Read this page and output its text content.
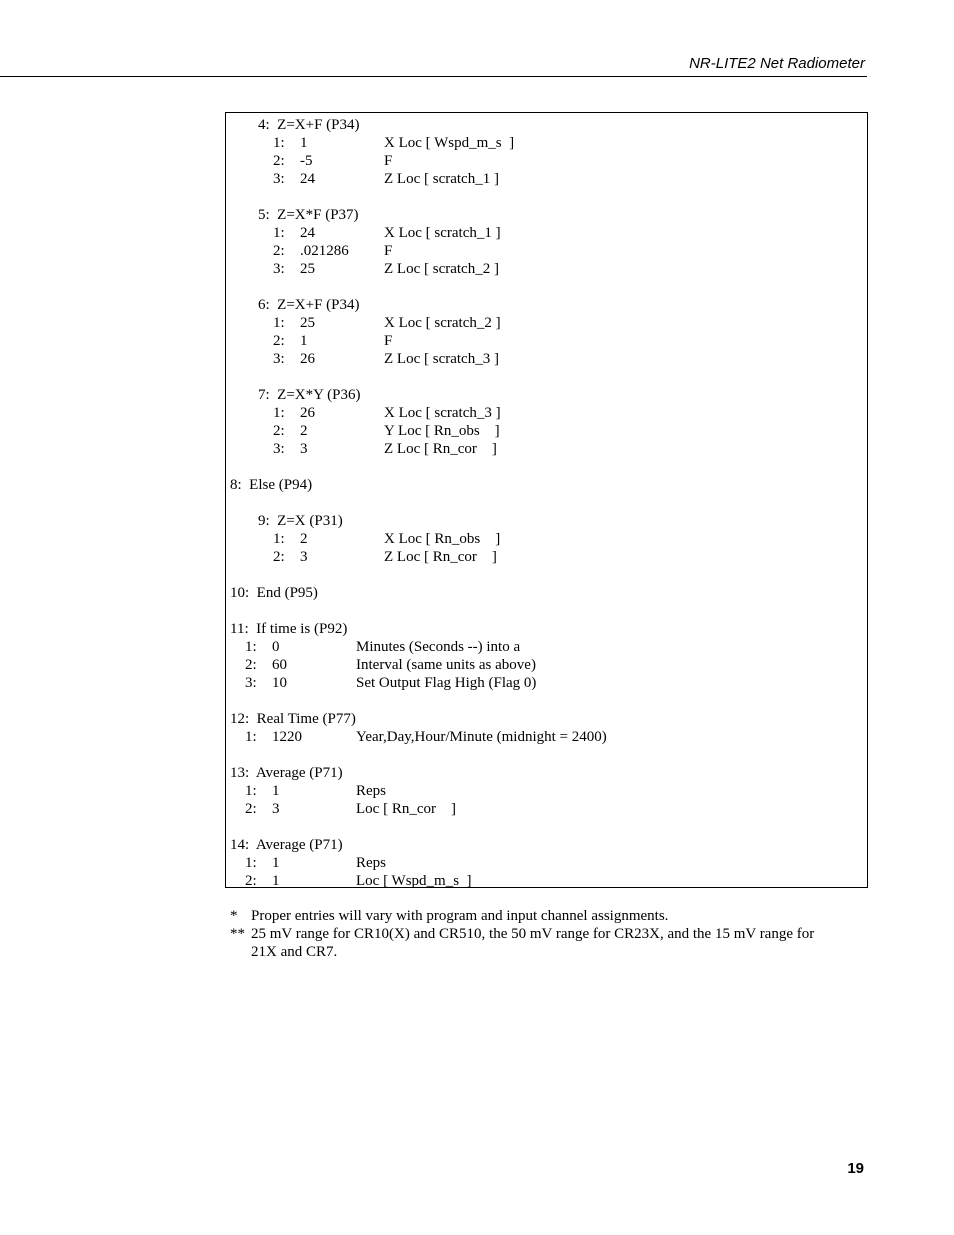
NR-LITE2 Net Radiometer
4:  Z=X+F (P34)
1: 1	X Loc [ Wspd_m_s  ]
2: -5	F
3: 24	Z Loc [ scratch_1 ]
5:  Z=X*F (P37)
1: 24	X Loc [ scratch_1 ]
2: .021286 F
3: 25	Z Loc [ scratch_2 ]
6:  Z=X+F (P34)
1: 25	X Loc [ scratch_2 ]
2: 1	F
3: 26	Z Loc [ scratch_3 ]
7:  Z=X*Y (P36)
1: 26	X Loc [ scratch_3 ]
2: 2	Y Loc [ Rn_obs    ]
3: 3	Z Loc [ Rn_cor    ]
8:  Else (P94)
9:  Z=X (P31)
1: 2	X Loc [ Rn_obs    ]
2: 3	Z Loc [ Rn_cor    ]
10:  End (P95)
11:  If time is (P92)
1: 0	Minutes (Seconds --) into a
2: 60	Interval (same units as above)
3: 10	Set Output Flag High (Flag 0)
12:  Real Time (P77)
1: 1220	Year,Day,Hour/Minute (midnight = 2400)
13:  Average (P71)
1: 1	Reps
2: 3	Loc [ Rn_cor    ]
14:  Average (P71)
1: 1	Reps
2: 1	Loc [ Wspd_m_s  ]
* Proper entries will vary with program and input channel assignments.
** 25 mV range for CR10(X) and CR510, the 50 mV range for CR23X, and the 15 mV range for
21X and CR7.
19
